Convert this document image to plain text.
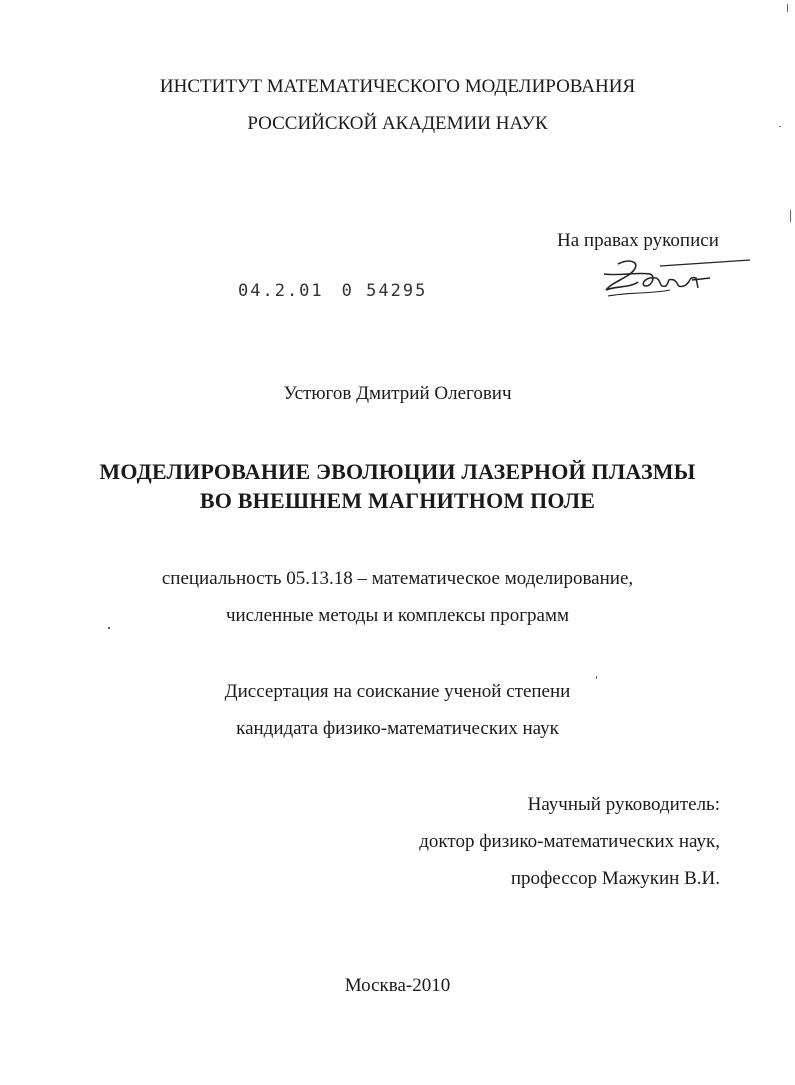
ИНСТИТУТ МАТЕМАТИЧЕСКОГО МОДЕЛИРОВАНИЯ
РОССИЙСКОЙ АКАДЕМИИ НАУК
На правах рукописи
04.2.01 0 54295
Устюгов Дмитрий Олегович
МОДЕЛИРОВАНИЕ ЭВОЛЮЦИИ ЛАЗЕРНОЙ ПЛАЗМЫ
ВО ВНЕШНЕМ МАГНИТНОМ ПОЛЕ
специальность 05.13.18 – математическое моделирование,
численные методы и комплексы программ
Диссертация на соискание ученой степени
кандидата физико-математических наук
Научный руководитель:
доктор физико-математических наук,
профессор Мажукин В.И.
Москва-2010
